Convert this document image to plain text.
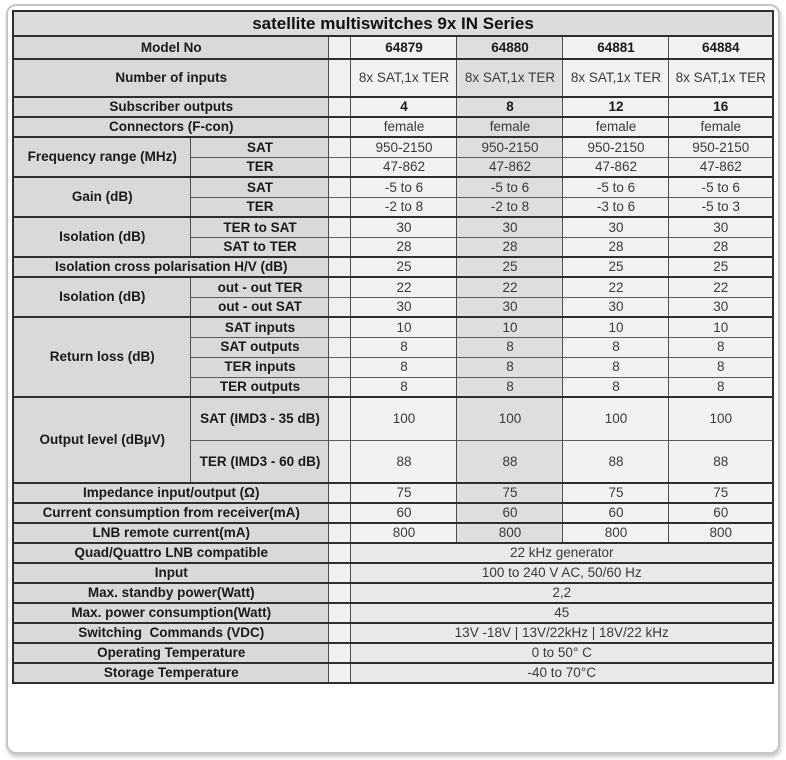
satellite multiswitches 9x IN Series						
Model No			64879	64880	64881	64884
Number of inputs			8x SAT,1x TER	8x SAT,1x TER	8x SAT,1x TER	8x SAT,1x TER
Subscriber outputs			4	8	12	16
Connectors (F-con)			female	female	female	female
Frequency range (MHz)	SAT		950-2150	950-2150	950-2150	950-2150
	TER		47-862	47-862	47-862	47-862
Gain (dB)	SAT		-5 to 6	-5 to 6	-5 to 6	-5 to 6
	TER		-2 to 8	-2 to 8	-3 to 6	-5 to 3
Isolation (dB)	TER to SAT		30	30	30	30
	SAT to TER		28	28	28	28
Isolation cross polarisation H/V (dB)			25	25	25	25
Isolation (dB)	out - out TER		22	22	22	22
	out - out SAT		30	30	30	30
Return loss (dB)	SAT inputs		10	10	10	10
	SAT outputs		8	8	8	8
	TER inputs		8	8	8	8
	TER outputs		8	8	8	8
Output level (dBµV)	SAT (IMD3 - 35 dB)		100	100	100	100
	TER (IMD3 - 60 dB)		88	88	88	88
Impedance input/output (Ω)			75	75	75	75
Current consumption from receiver(mA)			60	60	60	60
LNB remote current(mA)			800	800	800	800
Quad/Quattro LNB compatible			22 kHz generator			
Input			100 to 240 V AC, 50/60 Hz			
Max. standby power(Watt)			2,2			
Max. power consumption(Watt)			45			
Switching  Commands (VDC)			13V -18V | 13V/22kHz | 18V/22 kHz			
Operating Temperature			0 to 50° C			
Storage Temperature			-40 to 70°C			
